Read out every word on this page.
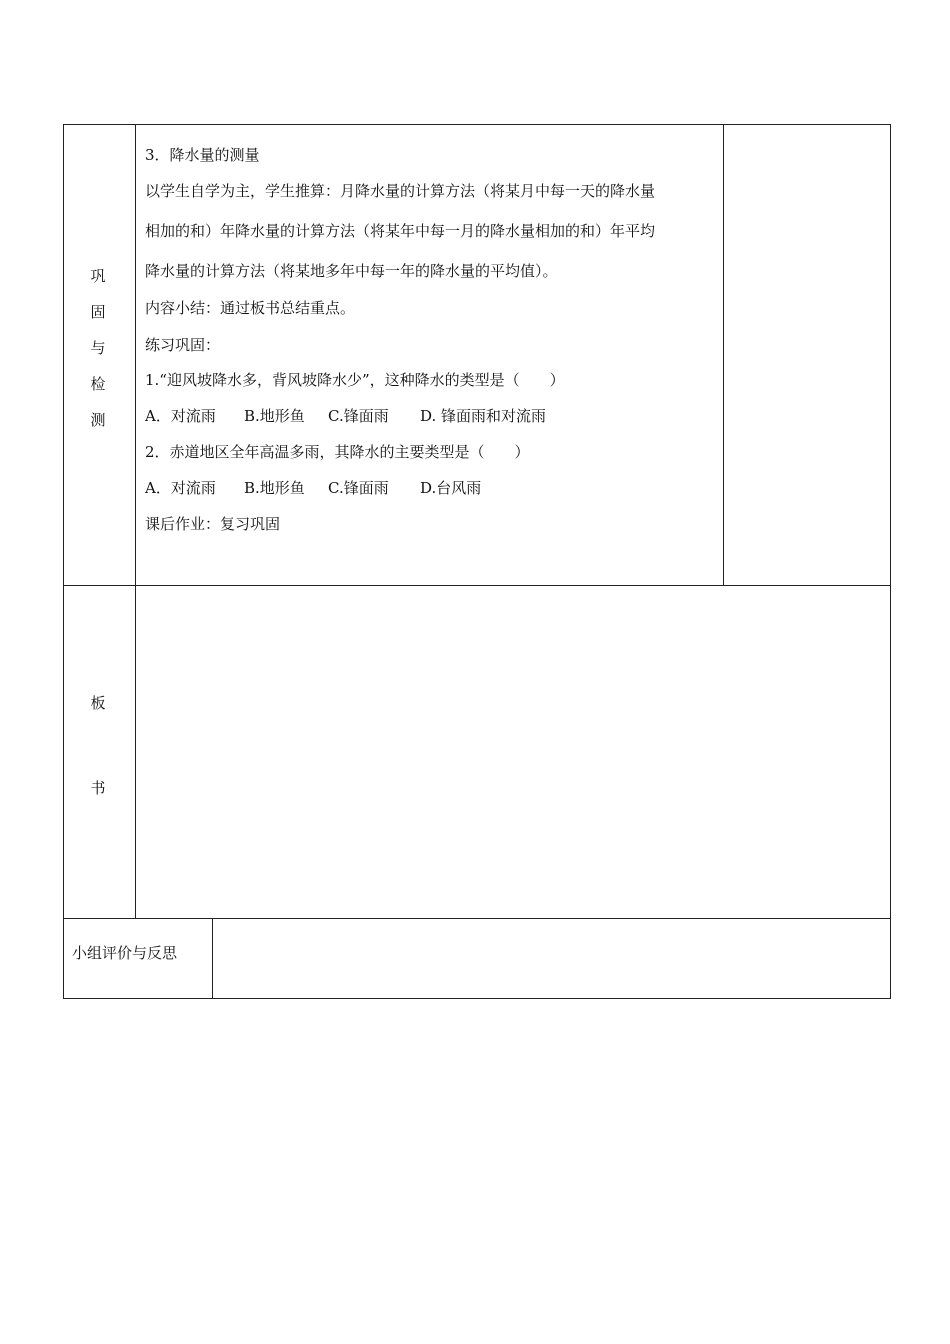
巩
固
与
检
测
3．降水量的测量
以学生自学为主，学生推算：月降水量的计算方法（将某月中每一天的降水量
相加的和）年降水量的计算方法（将某年中每一月的降水量相加的和）年平均
降水量的计算方法（将某地多年中每一年的降水量的平均值）。
内容小结：通过板书总结重点。
练习巩固：
1.“迎风坡降水多，背风坡降水少”，这种降水的类型是（　　）
A．对流雨 B.地形鱼 C.锋面雨 D. 锋面雨和对流雨
2．赤道地区全年高温多雨，其降水的主要类型是（　　）
A．对流雨 B.地形鱼 C.锋面雨 D.台风雨
课后作业：复习巩固
板
书
小组评价与反思
